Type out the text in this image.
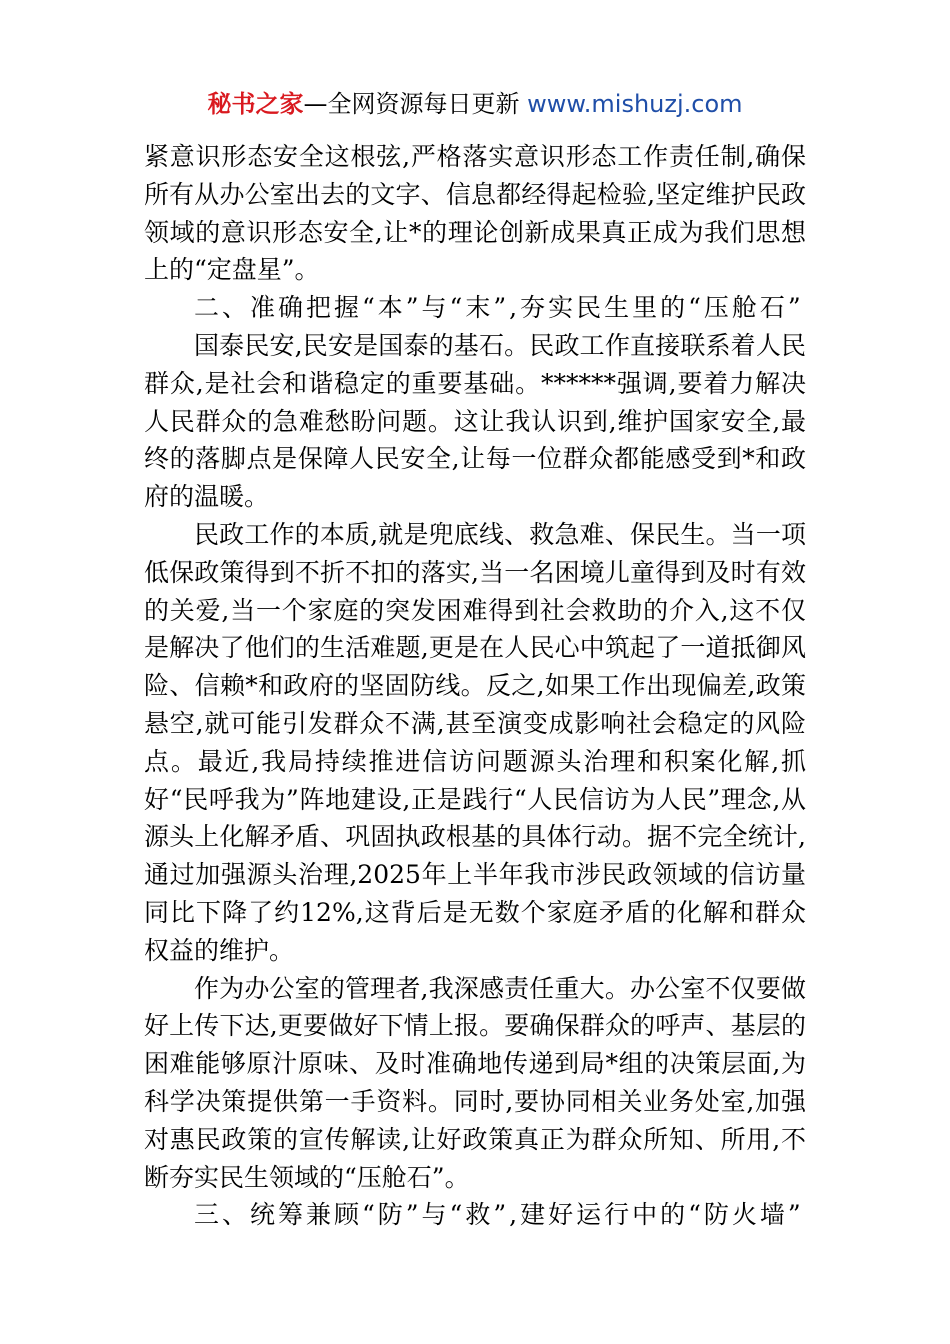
秘书之家—全网资源每日更新 www.mishuzj.com

紧意识形态安全这根弦,严格落实意识形态工作责任制,确保所有从办公室出去的文字、信息都经得起检验,坚定维护民政领域的意识形态安全,让*的理论创新成果真正成为我们思想上的“定盘星”。

二、准确把握“本”与“末”,夯实民生里的“压舱石”

国泰民安,民安是国泰的基石。民政工作直接联系着人民群众,是社会和谐稳定的重要基础。******强调,要着力解决人民群众的急难愁盼问题。这让我认识到,维护国家安全,最终的落脚点是保障人民安全,让每一位群众都能感受到*和政府的温暖。

民政工作的本质,就是兜底线、救急难、保民生。当一项低保政策得到不折不扣的落实,当一名困境儿童得到及时有效的关爱,当一个家庭的突发困难得到社会救助的介入,这不仅是解决了他们的生活难题,更是在人民心中筑起了一道抵御风险、信赖*和政府的坚固防线。反之,如果工作出现偏差,政策悬空,就可能引发群众不满,甚至演变成影响社会稳定的风险点。最近,我局持续推进信访问题源头治理和积案化解,抓好“民呼我为”阵地建设,正是践行“人民信访为人民”理念,从源头上化解矛盾、巩固执政根基的具体行动。据不完全统计,通过加强源头治理,2025年上半年我市涉民政领域的信访量同比下降了约12%,这背后是无数个家庭矛盾的化解和群众权益的维护。

作为办公室的管理者,我深感责任重大。办公室不仅要做好上传下达,更要做好下情上报。要确保群众的呼声、基层的困难能够原汁原味、及时准确地传递到局*组的决策层面,为科学决策提供第一手资料。同时,要协同相关业务处室,加强对惠民政策的宣传解读,让好政策真正为群众所知、所用,不断夯实民生领域的“压舱石”。

三、统筹兼顾“防”与“救”,建好运行中的“防火墙”
